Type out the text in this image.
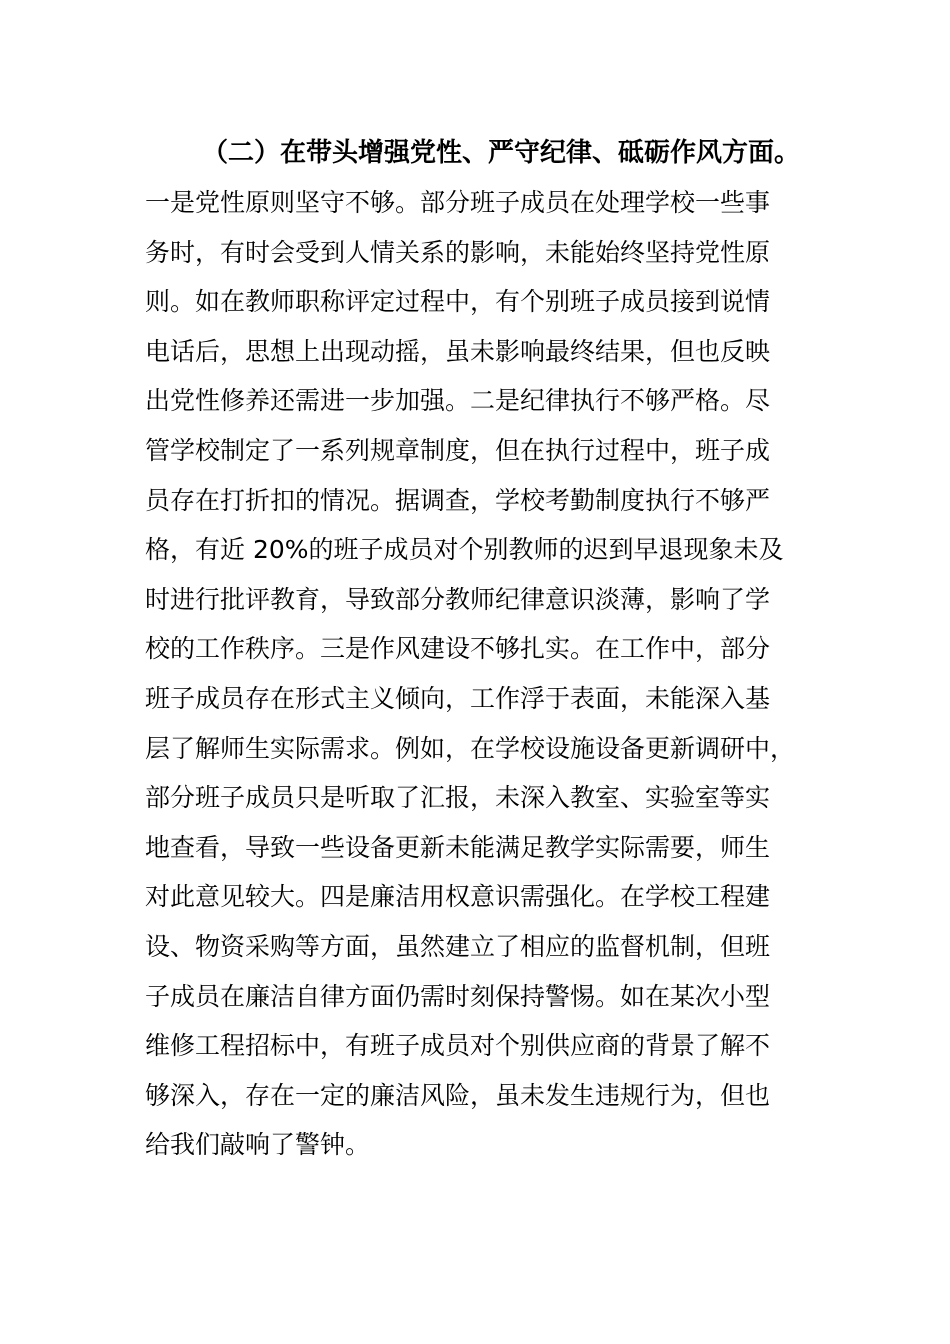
（二）在带头增强党性、严守纪律、砥砺作风方面。
一是党性原则坚守不够。部分班子成员在处理学校一些事
务时，有时会受到人情关系的影响，未能始终坚持党性原
则。如在教师职称评定过程中，有个别班子成员接到说情
电话后，思想上出现动摇，虽未影响最终结果，但也反映
出党性修养还需进一步加强。二是纪律执行不够严格。尽
管学校制定了一系列规章制度，但在执行过程中，班子成
员存在打折扣的情况。据调查，学校考勤制度执行不够严
格，有近 20%的班子成员对个别教师的迟到早退现象未及
时进行批评教育，导致部分教师纪律意识淡薄，影响了学
校的工作秩序。三是作风建设不够扎实。在工作中，部分
班子成员存在形式主义倾向，工作浮于表面，未能深入基
层了解师生实际需求。例如，在学校设施设备更新调研中，
部分班子成员只是听取了汇报，未深入教室、实验室等实
地查看，导致一些设备更新未能满足教学实际需要，师生
对此意见较大。四是廉洁用权意识需强化。在学校工程建
设、物资采购等方面，虽然建立了相应的监督机制，但班
子成员在廉洁自律方面仍需时刻保持警惕。如在某次小型
维修工程招标中，有班子成员对个别供应商的背景了解不
够深入，存在一定的廉洁风险，虽未发生违规行为，但也
给我们敲响了警钟。
